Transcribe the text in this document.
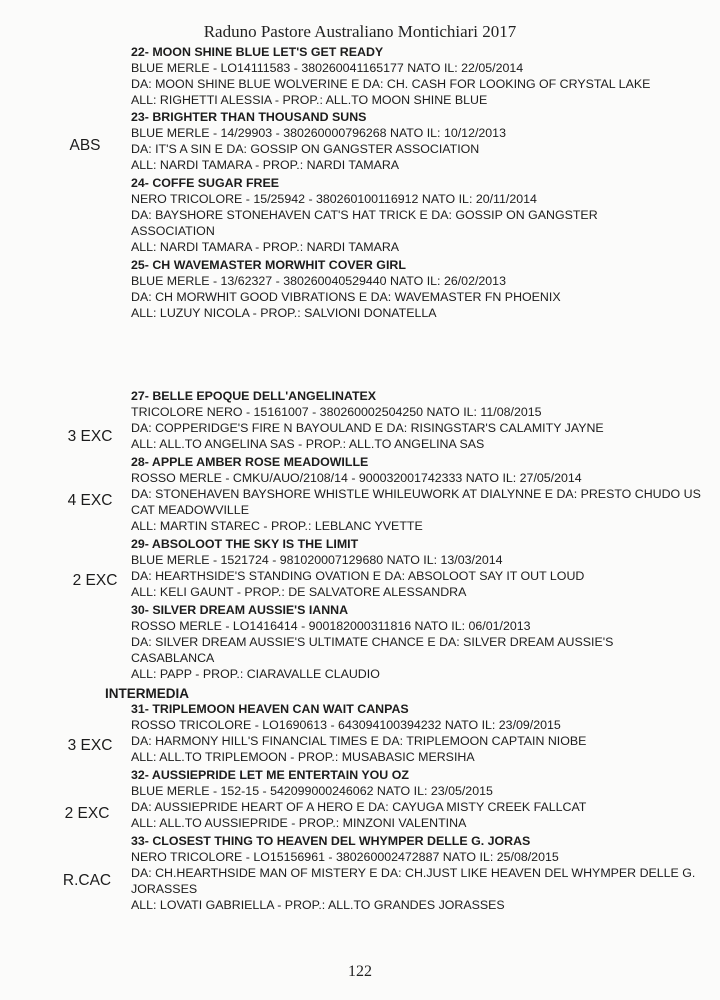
Raduno Pastore Australiano Montichiari 2017
22- MOON SHINE BLUE LET'S GET READY
BLUE MERLE - LO14111583 - 380260041165177 NATO IL: 22/05/2014
DA: MOON SHINE BLUE WOLVERINE E DA: CH. CASH FOR LOOKING OF CRYSTAL LAKE
ALL: RIGHETTI ALESSIA - PROP.: ALL.TO MOON SHINE BLUE
23- BRIGHTER THAN THOUSAND SUNS
BLUE MERLE - 14/29903 - 380260000796268 NATO IL: 10/12/2013
DA: IT'S A SIN E DA: GOSSIP ON GANGSTER ASSOCIATION
ALL: NARDI TAMARA - PROP.: NARDI TAMARA
ABS
24- COFFE SUGAR FREE
NERO TRICOLORE - 15/25942 - 380260100116912 NATO IL: 20/11/2014
DA: BAYSHORE STONEHAVEN CAT'S HAT TRICK E DA: GOSSIP ON GANGSTER ASSOCIATION
ALL: NARDI TAMARA - PROP.: NARDI TAMARA
25- CH WAVEMASTER MORWHIT COVER GIRL
BLUE MERLE - 13/62327 - 380260040529440 NATO IL: 26/02/2013
DA: CH MORWHIT GOOD VIBRATIONS E DA: WAVEMASTER FN PHOENIX
ALL: LUZUY NICOLA - PROP.: SALVIONI DONATELLA
27- BELLE EPOQUE DELL'ANGELINATEX
TRICOLORE NERO - 15161007 - 380260002504250 NATO IL: 11/08/2015
DA: COPPERIDGE'S FIRE N BAYOULAND E DA: RISINGSTAR'S CALAMITY JAYNE
ALL: ALL.TO ANGELINA SAS - PROP.: ALL.TO ANGELINA SAS
3 EXC
28- APPLE AMBER ROSE MEADOWILLE
ROSSO MERLE - CMKU/AUO/2108/14 - 900032001742333 NATO IL: 27/05/2014
DA: STONEHAVEN BAYSHORE WHISTLE WHILEUWORK AT DIALYNNE E DA: PRESTO CHUDO US CAT MEADOWVILLE
ALL: MARTIN STAREC - PROP.: LEBLANC YVETTE
4 EXC
29- ABSOLOOT THE SKY IS THE LIMIT
BLUE MERLE - 1521724 - 981020007129680 NATO IL: 13/03/2014
DA: HEARTHSIDE'S STANDING OVATION E DA: ABSOLOOT SAY IT OUT LOUD
ALL: KELI GAUNT - PROP.: DE SALVATORE ALESSANDRA
2 EXC
30- SILVER DREAM AUSSIE'S IANNA
ROSSO MERLE - LO1416414 - 900182000311816 NATO IL: 06/01/2013
DA: SILVER DREAM AUSSIE'S ULTIMATE CHANCE E DA: SILVER DREAM AUSSIE'S CASABLANCA
ALL: PAPP - PROP.: CIARAVALLE CLAUDIO
INTERMEDIA
31- TRIPLEMOON HEAVEN CAN WAIT CANPAS
ROSSO TRICOLORE - LO1690613 - 643094100394232 NATO IL: 23/09/2015
DA: HARMONY HILL'S FINANCIAL TIMES E DA: TRIPLEMOON CAPTAIN NIOBE
ALL: ALL.TO TRIPLEMOON - PROP.: MUSABASIC MERSIHA
3 EXC
32- AUSSIEPRIDE LET ME ENTERTAIN YOU OZ
BLUE MERLE - 152-15 - 542099000246062 NATO IL: 23/05/2015
DA: AUSSIEPRIDE HEART OF A HERO E DA: CAYUGA MISTY CREEK FALLCAT
ALL: ALL.TO AUSSIEPRIDE - PROP.: MINZONI VALENTINA
2 EXC
33- CLOSEST THING TO HEAVEN DEL WHYMPER DELLE G. JORAS
NERO TRICOLORE - LO15156961 - 380260002472887 NATO IL: 25/08/2015
DA: CH.HEARTHSIDE MAN OF MISTERY E DA: CH.JUST LIKE HEAVEN DEL WHYMPER DELLE G. JORASSES
ALL: LOVATI GABRIELLA - PROP.: ALL.TO GRANDES JORASSES
R.CAC
122
